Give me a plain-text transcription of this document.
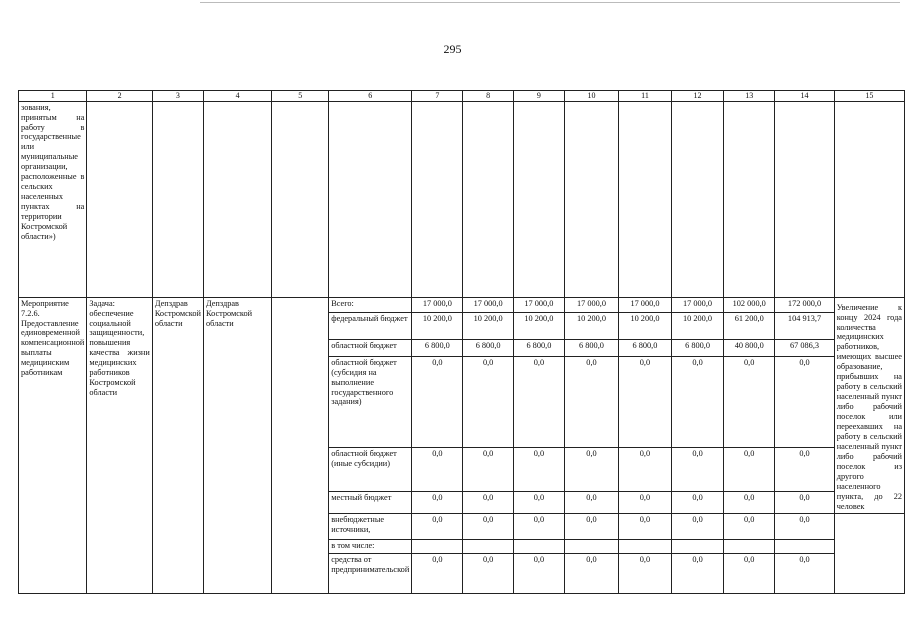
295
1	2	3	4	5	6	7	8	9	10	11	12	13	14	15
зования, принятым на работу в государственные или муниципальные организации, расположенные в сельских населенных пунктах на территории Костромской области»)														
Мероприятие 7.2.6. Предоставление единовременной компенсационной выплаты медицинским работникам	Задача: обеспечение социальной защищенности, повышения качества жизни медицинских работников Костромской области	Депздрав Костромской области	Депздрав Костромской области		Всего:	17 000,0	17 000,0	17 000,0	17 000,0	17 000,0	17 000,0	102 000,0	172 000,0	Увеличение к концу 2024 года количества медицинских работников, имеющих высшее образование, прибывших на работу в сельский населенный пункт либо рабочий поселок или переехавших на работу в сельский населенный пункт либо рабочий поселок из другого населенного пункта, до 22 человек
					федеральный бюджет	10 200,0	10 200,0	10 200,0	10 200,0	10 200,0	10 200,0	61 200,0	104 913,7	
					областной бюджет	6 800,0	6 800,0	6 800,0	6 800,0	6 800,0	6 800,0	40 800,0	67 086,3	
					областной бюджет (субсидия на выполнение государственного задания)	0,0	0,0	0,0	0,0	0,0	0,0	0,0	0,0	
					областной бюджет (иные субсидии)	0,0	0,0	0,0	0,0	0,0	0,0	0,0	0,0	
					местный бюджет	0,0	0,0	0,0	0,0	0,0	0,0	0,0	0,0	
					внебюджетные источники,	0,0	0,0	0,0	0,0	0,0	0,0	0,0	0,0	
					в том числе:									
					средства от предпринимательской	0,0	0,0	0,0	0,0	0,0	0,0	0,0	0,0	
